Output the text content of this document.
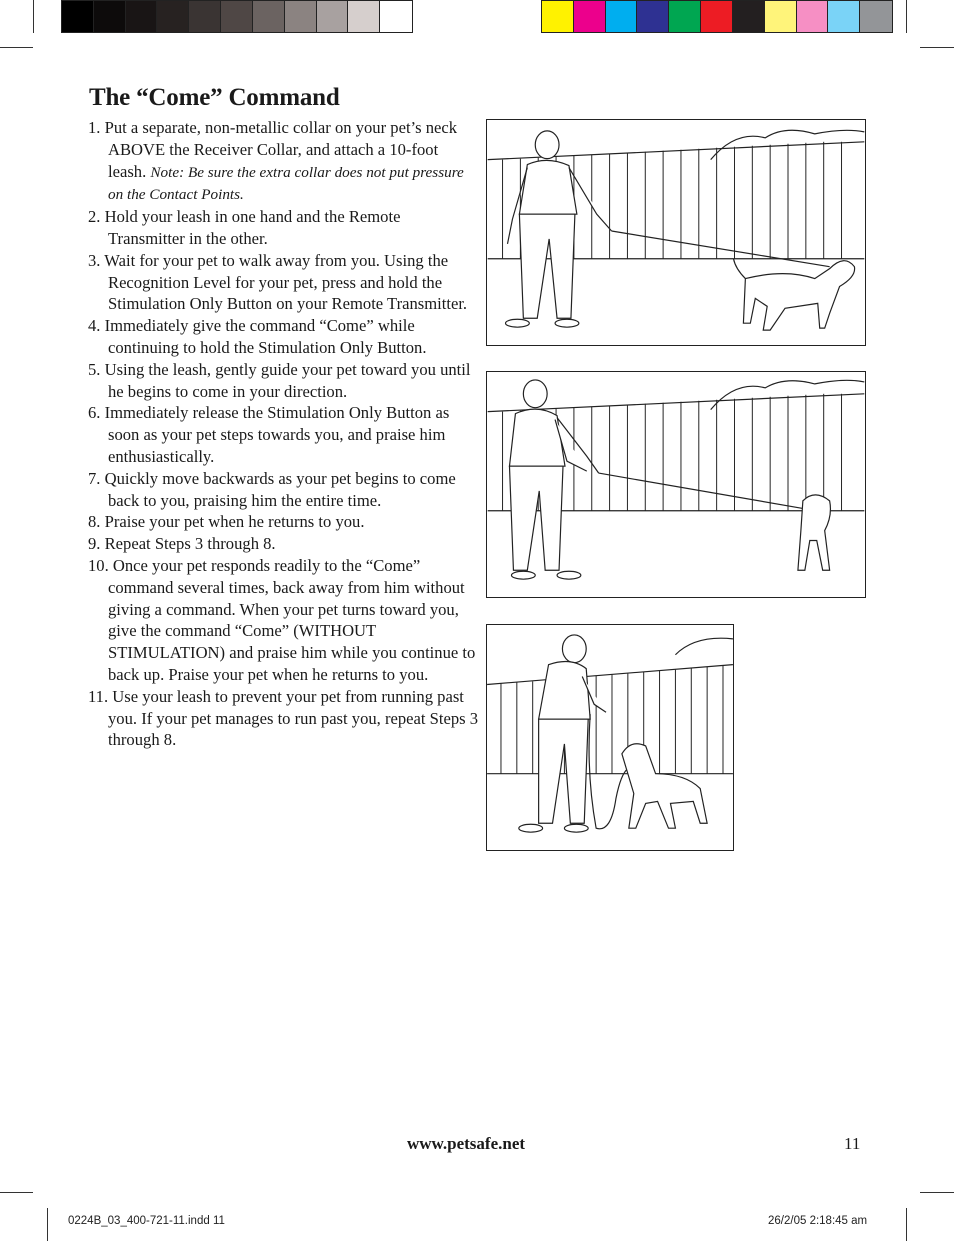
The “Come” Command
1. Put a separate, non-metallic collar on your pet’s neck ABOVE the Receiver Collar, and attach a 10-foot leash. Note: Be sure the extra collar does not put pressure on the Contact Points.
2. Hold your leash in one hand and the Remote Transmitter in the other.
3. Wait for your pet to walk away from you. Using the Recognition Level for your pet, press and hold the Stimulation Only Button on your Remote Transmitter.
4. Immediately give the command “Come” while continuing to hold the Stimulation Only Button.
5. Using the leash, gently guide your pet toward you until he begins to come in your direction.
6. Immediately release the Stimulation Only Button as soon as your pet steps towards you, and praise him enthusiastically.
7. Quickly move backwards as your pet begins to come back to you, praising him the entire time.
8. Praise your pet when he returns to you.
9. Repeat Steps 3 through 8.
10. Once your pet responds readily to the “Come” command several times, back away from him without giving a command. When your pet turns toward you, give the command “Come” (WITHOUT STIMULATION) and praise him while you continue to back up. Praise your pet when he returns to you.
11. Use your leash to prevent your pet from running past you. If your pet manages to run past you, repeat Steps 3 through 8.
www.petsafe.net	11
0224B_03_400-721-11.indd 11	26/2/05 2:18:45 am
